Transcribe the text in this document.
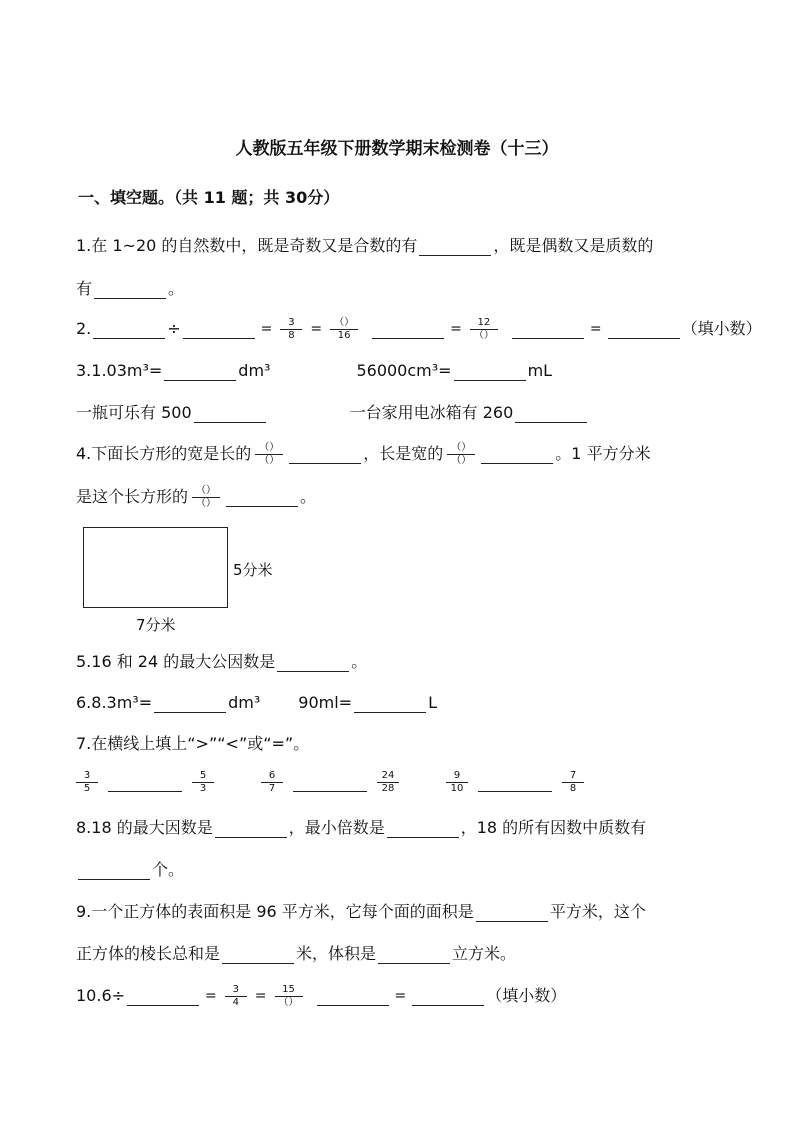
人教版五年级下册数学期末检测卷（十三）
一、填空题。（共 11 题；共 30分）
1.在 1~20 的自然数中，既是奇数又是合数的有	，既是偶数又是质数的
有	。
2.	÷	= $\frac{3}{8} = \frac{()}{16}$	= $\frac{12}{()}$	=	（填小数）
3.1.03m³=	dm³	56000cm³=	mL
一瓶可乐有 500	一台家用电冰箱有 260
4.下面长方形的宽是长的 $\frac{()}{()}$	，长是宽的 $\frac{()}{()}$	。1 平方分米
是这个长方形的 $\frac{()}{()}$	。
5分米
7分米
5.16 和 24 的最大公因数是	。
6.8.3m³=	dm³ 90ml=	L
7.在横线上填上“>”“<”或“=”。
$\frac{3}{5}$	$\frac{5}{3}$	$\frac{6}{7}$	$\frac{24}{28}$	$\frac{9}{10}$	$\frac{7}{8}$
8.18 的最大因数是	，最小倍数是	，18 的所有因数中质数有
个。
9.一个正方体的表面积是 96 平方米，它每个面的面积是	平方米，这个
正方体的棱长总和是	米，体积是	立方米。
10.6÷	= $\frac{3}{4} = \frac{15}{()}$	=	（填小数）
